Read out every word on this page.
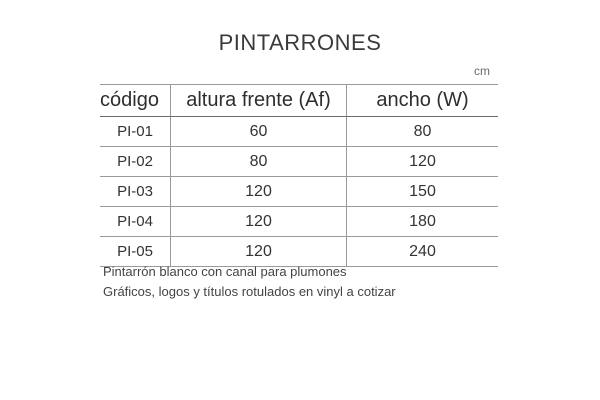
PINTARRONES
cm
código	altura frente (Af)	ancho (W)
PI-01	60	80
PI-02	80	120
PI-03	120	150
PI-04	120	180
PI-05	120	240
Pintarrón blanco con canal para plumones
Gráficos, logos y títulos rotulados en vinyl a cotizar
